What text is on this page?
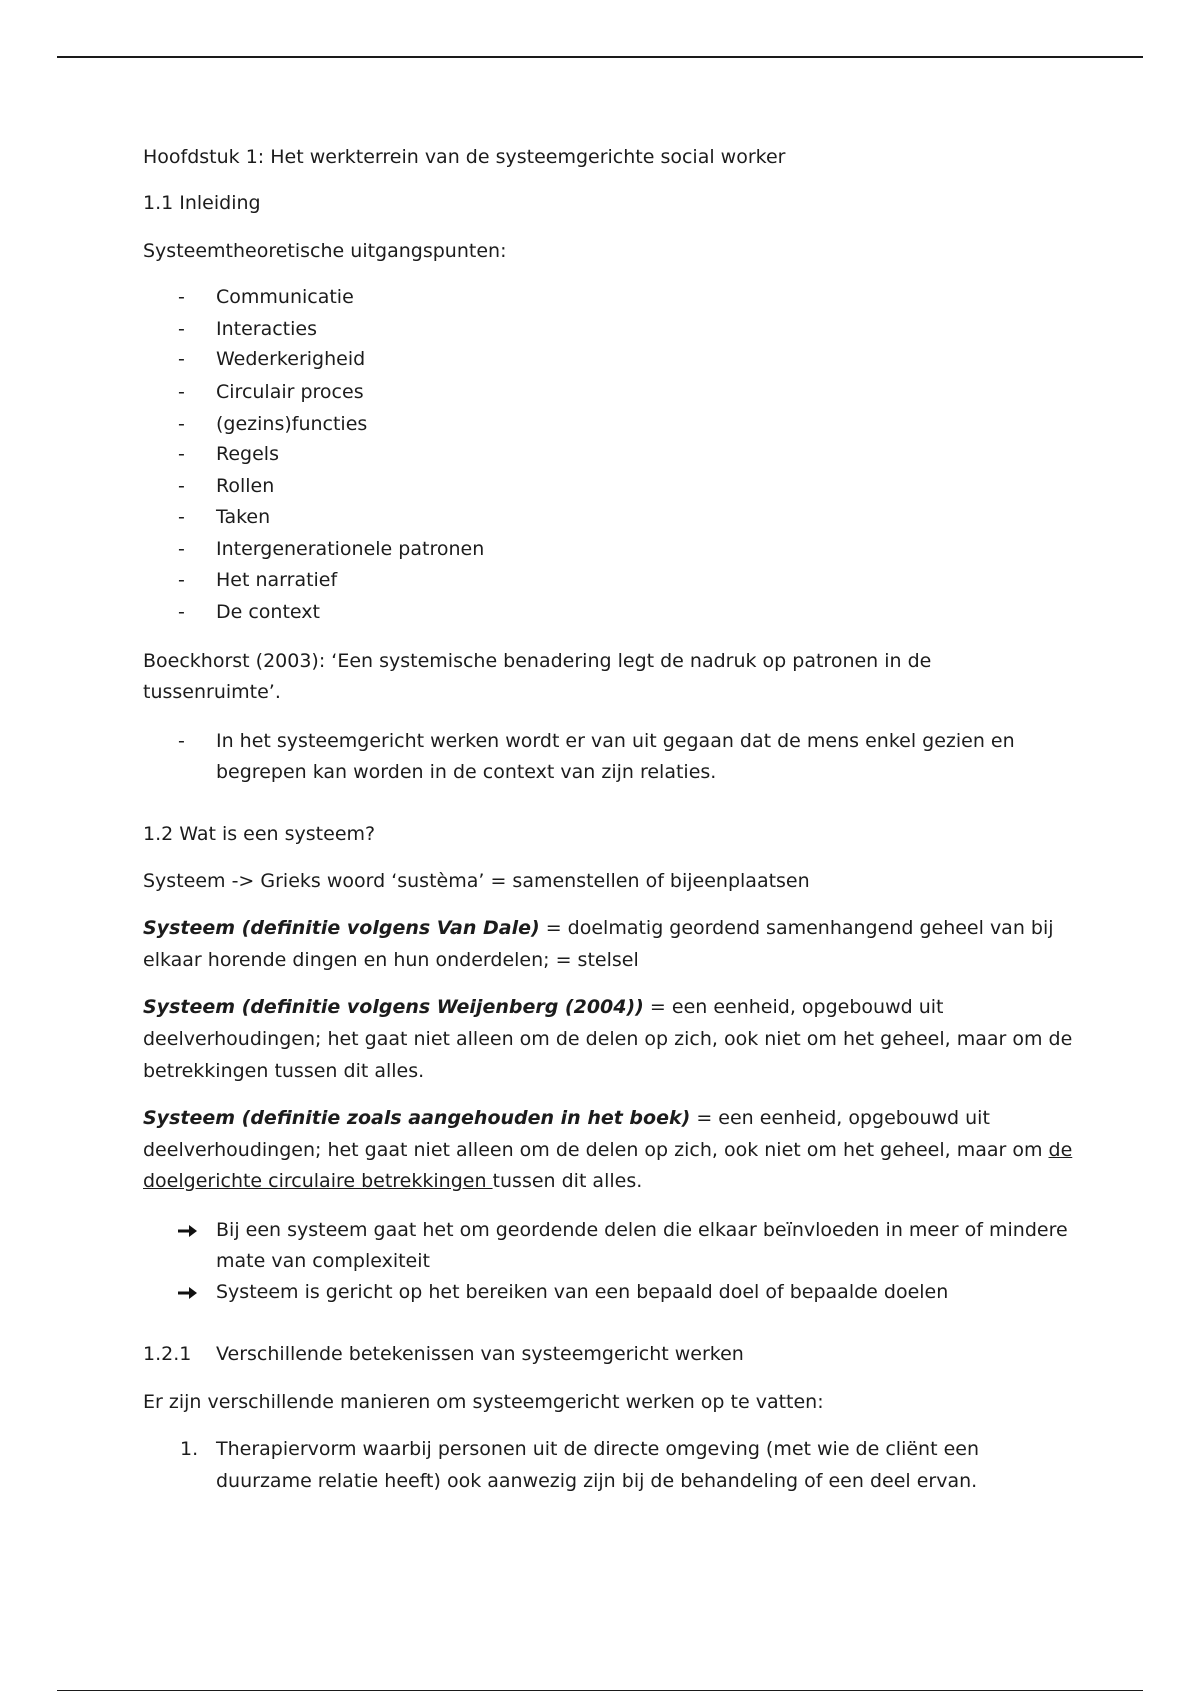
Hoofdstuk 1: Het werkterrein van de systeemgerichte social worker

1.1 Inleiding

Systeemtheoretische uitgangspunten:

- Communicatie
- Interacties
- Wederkerigheid
- Circulair proces
- (gezins)functies
- Regels
- Rollen
- Taken
- Intergenerationele patronen
- Het narratief
- De context

Boeckhorst (2003): ‘Een systemische benadering legt de nadruk op patronen in de

tussenruimte’.

- In het systeemgericht werken wordt er van uit gegaan dat de mens enkel gezien en
begrepen kan worden in de context van zijn relaties.

1.2 Wat is een systeem?

Systeem -> Grieks woord ‘sustèma’ = samenstellen of bijeenplaatsen

Systeem (definitie volgens Van Dale) = doelmatig geordend samenhangend geheel van bij

elkaar horende dingen en hun onderdelen; = stelsel

Systeem (definitie volgens Weijenberg (2004)) = een eenheid, opgebouwd uit

deelverhoudingen; het gaat niet alleen om de delen op zich, ook niet om het geheel, maar om de

betrekkingen tussen dit alles.

Systeem (definitie zoals aangehouden in het boek) = een eenheid, opgebouwd uit

deelverhoudingen; het gaat niet alleen om de delen op zich, ook niet om het geheel, maar om de

doelgerichte circulaire betrekkingen tussen dit alles.

Bij een systeem gaat het om geordende delen die elkaar beïnvloeden in meer of mindere
mate van complexiteit
Systeem is gericht op het bereiken van een bepaald doel of bepaalde doelen
1.2.1 Verschillende betekenissen van systeemgericht werken

Er zijn verschillende manieren om systeemgericht werken op te vatten:

1. Therapiervorm waarbij personen uit de directe omgeving (met wie de cliënt een
duurzame relatie heeft) ook aanwezig zijn bij de behandeling of een deel ervan.
